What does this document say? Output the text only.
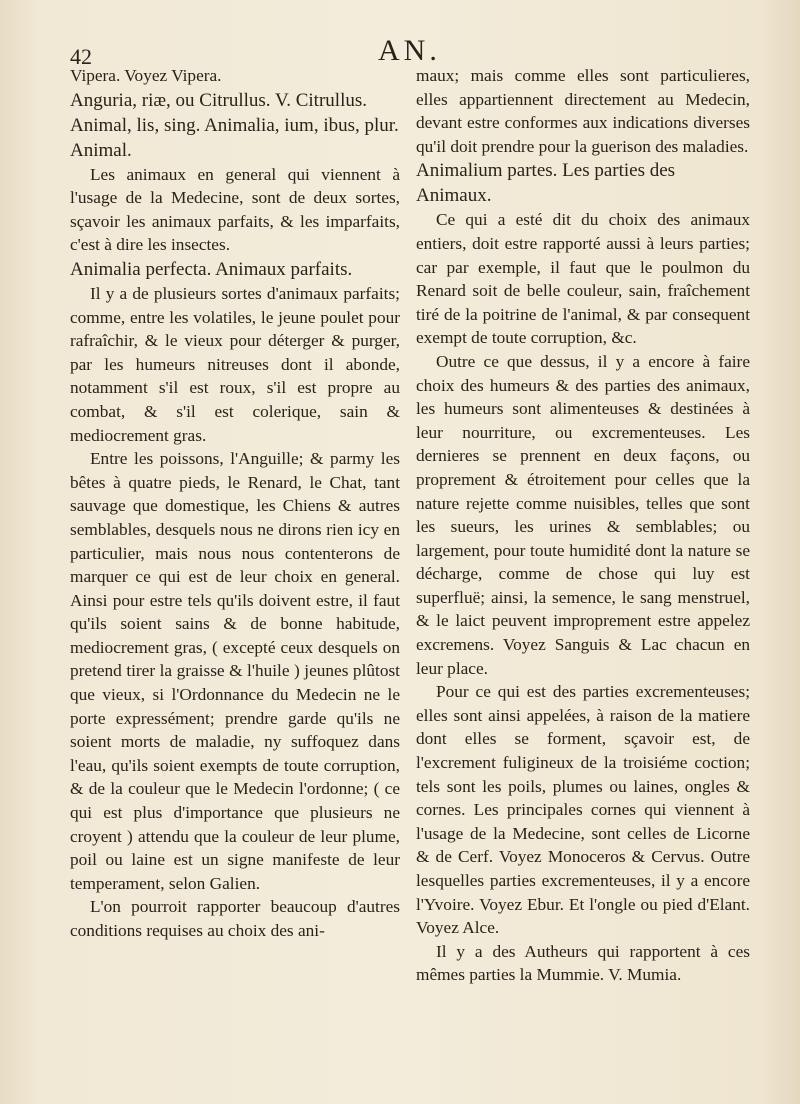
42	AN.

Vipera. Voyez Vipera.

Anguria, riæ, ou Citrullus. V. Citrullus.

Animal, lis, sing. Animalia, ium, ibus, plur. Animal.

Les animaux en general qui viennent à l'usage de la Medecine, sont de deux sortes, sçavoir les animaux parfaits, & les imparfaits, c'est à dire les insectes.

Animalia perfecta. Animaux parfaits.

Il y a de plusieurs sortes d'animaux parfaits; comme, entre les volatiles, le jeune poulet pour rafraîchir, & le vieux pour déterger & purger, par les humeurs nitreuses dont il abonde, notamment s'il est roux, s'il est propre au combat, & s'il est colerique, sain & mediocrement gras.

Entre les poissons, l'Anguille; & parmy les bêtes à quatre pieds, le Renard, le Chat, tant sauvage que domestique, les Chiens & autres semblables, desquels nous ne dirons rien icy en particulier, mais nous nous contenterons de marquer ce qui est de leur choix en general. Ainsi pour estre tels qu'ils doivent estre, il faut qu'ils soient sains & de bonne habitude, mediocrement gras, ( excepté ceux desquels on pretend tirer la graisse & l'huile ) jeunes plûtost que vieux, si l'Ordonnance du Medecin ne le porte expressément; prendre garde qu'ils ne soient morts de maladie, ny suffoquez dans l'eau, qu'ils soient exempts de toute corruption, & de la couleur que le Medecin l'ordonne; ( ce qui est plus d'importance que plusieurs ne croyent ) attendu que la couleur de leur plume, poil ou laine est un signe manifeste de leur temperament, selon Galien.

L'on pourroit rapporter beaucoup d'autres conditions requises au choix des ani-

maux; mais comme elles sont particulieres, elles appartiennent directement au Medecin, devant estre conformes aux indications diverses qu'il doit prendre pour la guerison des maladies.

Animalium partes. Les parties des Animaux.

Ce qui a esté dit du choix des animaux entiers, doit estre rapporté aussi à leurs parties; car par exemple, il faut que le poulmon du Renard soit de belle couleur, sain, fraîchement tiré de la poitrine de l'animal, & par consequent exempt de toute corruption, &c.

Outre ce que dessus, il y a encore à faire choix des humeurs & des parties des animaux, les humeurs sont alimenteuses & destinées à leur nourriture, ou excrementeuses. Les dernieres se prennent en deux façons, ou proprement & étroitement pour celles que la nature rejette comme nuisibles, telles que sont les sueurs, les urines & semblables; ou largement, pour toute humidité dont la nature se décharge, comme de chose qui luy est superfluë; ainsi, la semence, le sang menstruel, & le laict peuvent improprement estre appelez excremens. Voyez Sanguis & Lac chacun en leur place.

Pour ce qui est des parties excrementeuses; elles sont ainsi appelées, à raison de la matiere dont elles se forment, sçavoir est, de l'excrement fuligineux de la troisiéme coction; tels sont les poils, plumes ou laines, ongles & cornes. Les principales cornes qui viennent à l'usage de la Medecine, sont celles de Licorne & de Cerf. Voyez Monoceros & Cervus. Outre lesquelles parties excrementeuses, il y a encore l'Yvoire. Voyez Ebur. Et l'ongle ou pied d'Elant. Voyez Alce.

Il y a des Autheurs qui rapportent à ces mêmes parties la Mummie. V. Mumia.
